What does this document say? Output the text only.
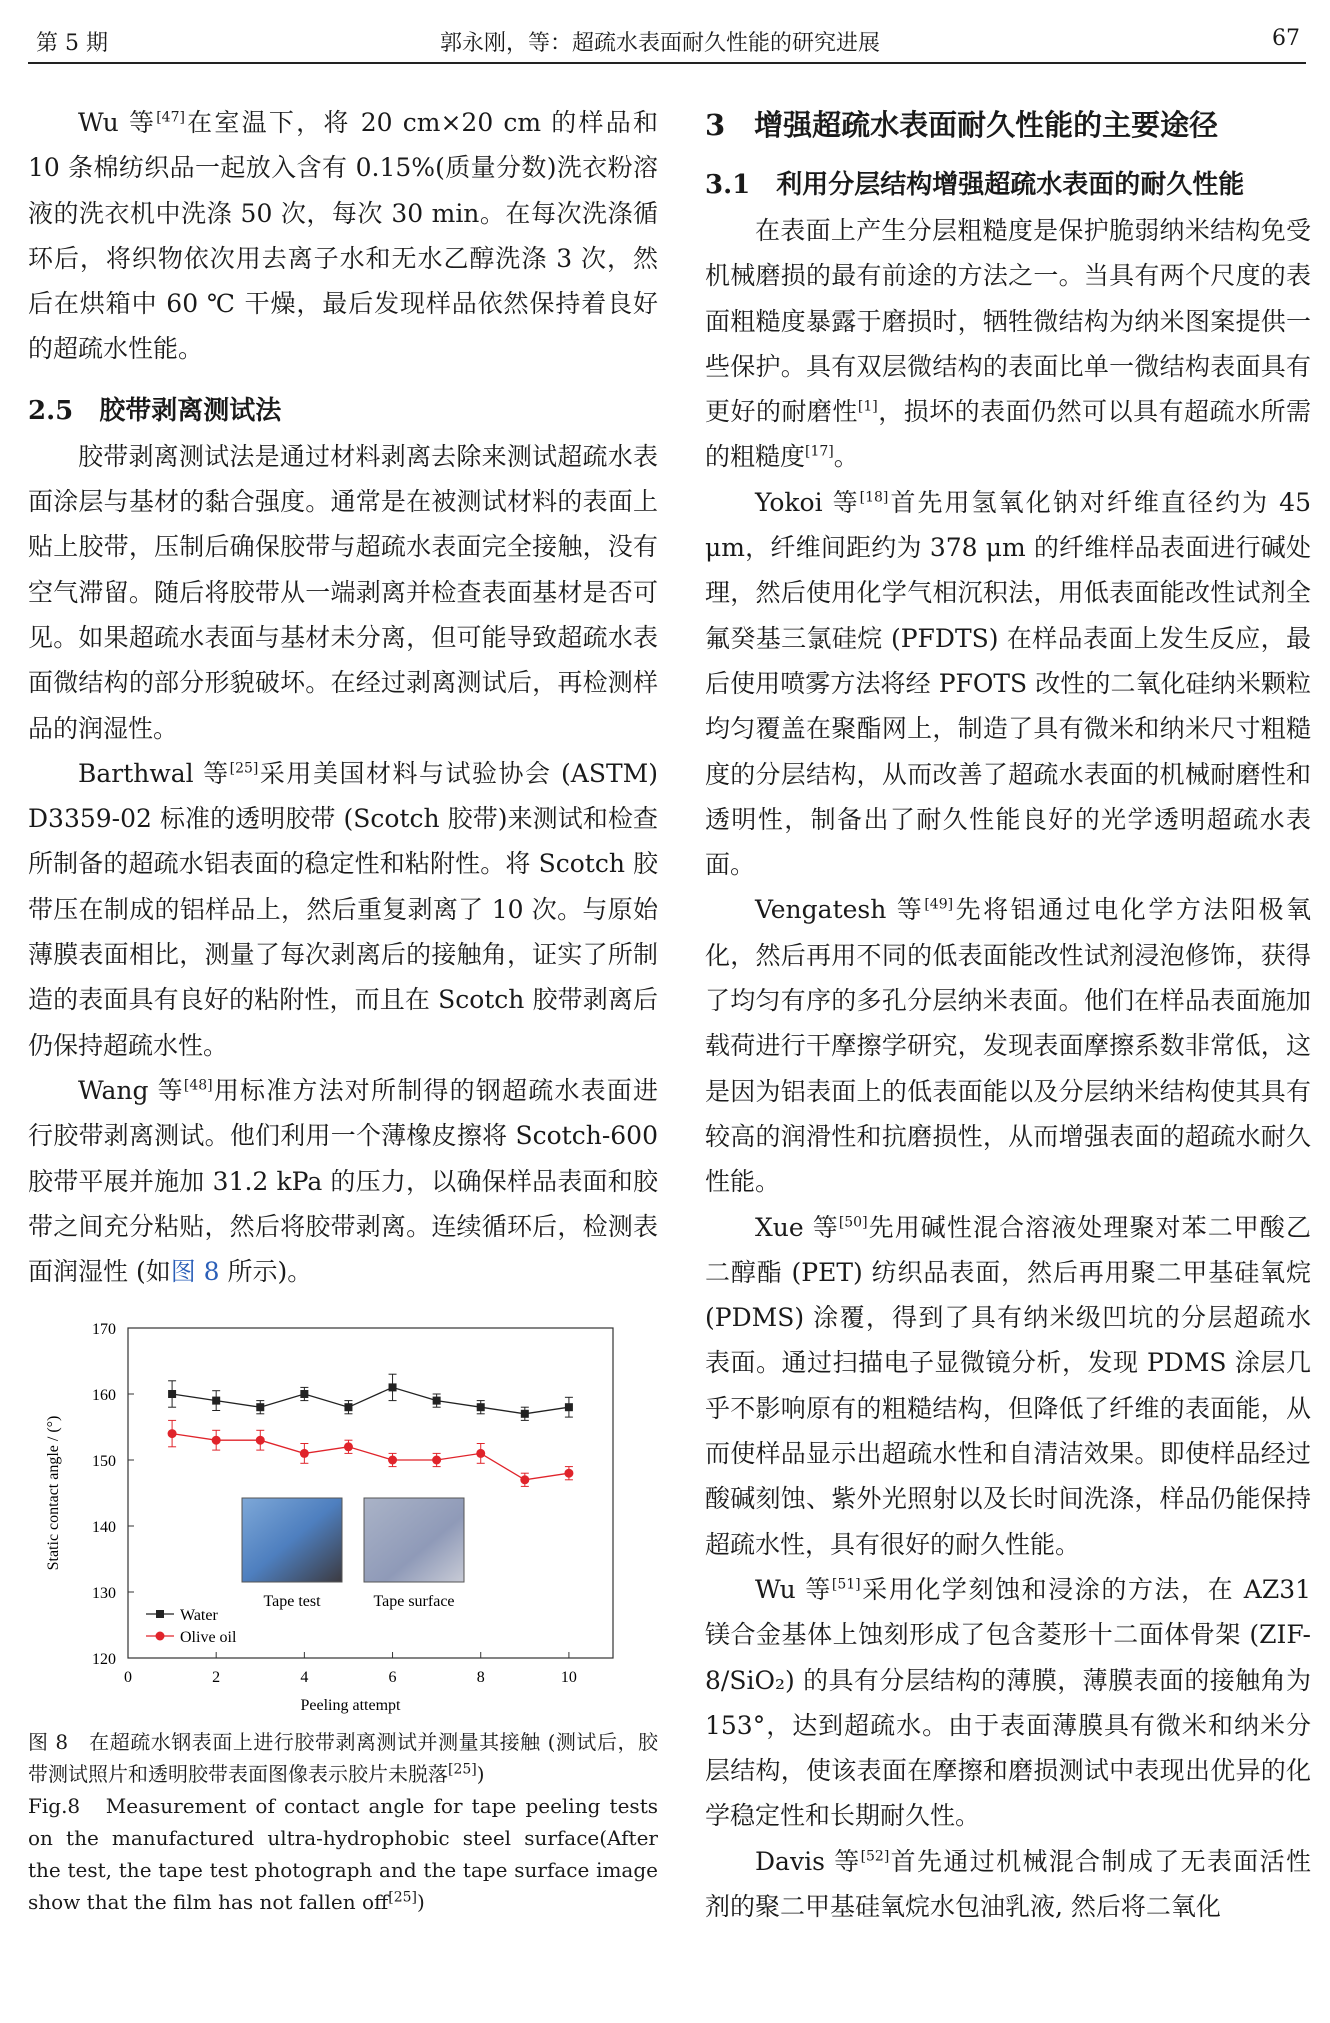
第 5 期	郭永刚，等：超疏水表面耐久性能的研究进展	67

Wu 等[47]在室温下，将 20 cm×20 cm 的样品和 10 条棉纺织品一起放入含有 0.15%(质量分数)洗衣粉溶液的洗衣机中洗涤 50 次，每次 30 min。在每次洗涤循环后，将织物依次用去离子水和无水乙醇洗涤 3 次，然后在烘箱中 60 ℃ 干燥，最后发现样品依然保持着良好的超疏水性能。

2.5　胶带剥离测试法

胶带剥离测试法是通过材料剥离去除来测试超疏水表面涂层与基材的黏合强度。通常是在被测试材料的表面上贴上胶带，压制后确保胶带与超疏水表面完全接触，没有空气滞留。随后将胶带从一端剥离并检查表面基材是否可见。如果超疏水表面与基材未分离，但可能导致超疏水表面微结构的部分形貌破坏。在经过剥离测试后，再检测样品的润湿性。

Barthwal 等[25]采用美国材料与试验协会 (ASTM) D3359-02 标准的透明胶带 (Scotch 胶带)来测试和检查所制备的超疏水铝表面的稳定性和粘附性。将 Scotch 胶带压在制成的铝样品上，然后重复剥离了 10 次。与原始薄膜表面相比，测量了每次剥离后的接触角，证实了所制造的表面具有良好的粘附性，而且在 Scotch 胶带剥离后仍保持超疏水性。

Wang 等[48]用标准方法对所制得的钢超疏水表面进行胶带剥离测试。他们利用一个薄橡皮擦将 Scotch-600 胶带平展并施加 31.2 kPa 的压力，以确保样品表面和胶带之间充分粘贴，然后将胶带剥离。连续循环后，检测表面润湿性 (如图 8 所示)。

120
130
140
150
160
170
0	2	4	6	8	10
Peeling attempt
Static contact angle / (°)
Tape test	Tape surface
Water
Olive oil

图 8　在超疏水钢表面上进行胶带剥离测试并测量其接触 (测试后，胶带测试照片和透明胶带表面图像表示胶片未脱落[25])

Fig.8　Measurement of contact angle for tape peeling tests on the manufactured ultra-hydrophobic steel surface(After the test, the tape test photograph and the tape surface image show that the film has not fallen off[25])

3　增强超疏水表面耐久性能的主要途径
3.1　利用分层结构增强超疏水表面的耐久性能

在表面上产生分层粗糙度是保护脆弱纳米结构免受机械磨损的最有前途的方法之一。当具有两个尺度的表面粗糙度暴露于磨损时，牺牲微结构为纳米图案提供一些保护。具有双层微结构的表面比单一微结构表面具有更好的耐磨性[1]，损坏的表面仍然可以具有超疏水所需的粗糙度[17]。

Yokoi 等[18]首先用氢氧化钠对纤维直径约为 45 μm，纤维间距约为 378 μm 的纤维样品表面进行碱处理，然后使用化学气相沉积法，用低表面能改性试剂全氟癸基三氯硅烷 (PFDTS) 在样品表面上发生反应，最后使用喷雾方法将经 PFOTS 改性的二氧化硅纳米颗粒均匀覆盖在聚酯网上，制造了具有微米和纳米尺寸粗糙度的分层结构，从而改善了超疏水表面的机械耐磨性和透明性，制备出了耐久性能良好的光学透明超疏水表面。

Vengatesh 等[49]先将铝通过电化学方法阳极氧化，然后再用不同的低表面能改性试剂浸泡修饰，获得了均匀有序的多孔分层纳米表面。他们在样品表面施加载荷进行干摩擦学研究，发现表面摩擦系数非常低，这是因为铝表面上的低表面能以及分层纳米结构使其具有较高的润滑性和抗磨损性，从而增强表面的超疏水耐久性能。

Xue 等[50]先用碱性混合溶液处理聚对苯二甲酸乙二醇酯 (PET) 纺织品表面，然后再用聚二甲基硅氧烷 (PDMS) 涂覆，得到了具有纳米级凹坑的分层超疏水表面。通过扫描电子显微镜分析，发现 PDMS 涂层几乎不影响原有的粗糙结构，但降低了纤维的表面能，从而使样品显示出超疏水性和自清洁效果。即使样品经过酸碱刻蚀、紫外光照射以及长时间洗涤，样品仍能保持超疏水性，具有很好的耐久性能。

Wu 等[51]采用化学刻蚀和浸涂的方法，在 AZ31 镁合金基体上蚀刻形成了包含菱形十二面体骨架 (ZIF-8/SiO₂) 的具有分层结构的薄膜，薄膜表面的接触角为 153°，达到超疏水。由于表面薄膜具有微米和纳米分层结构，使该表面在摩擦和磨损测试中表现出优异的化学稳定性和长期耐久性。

Davis 等[52]首先通过机械混合制成了无表面活性剂的聚二甲基硅氧烷水包油乳液, 然后将二氧化
